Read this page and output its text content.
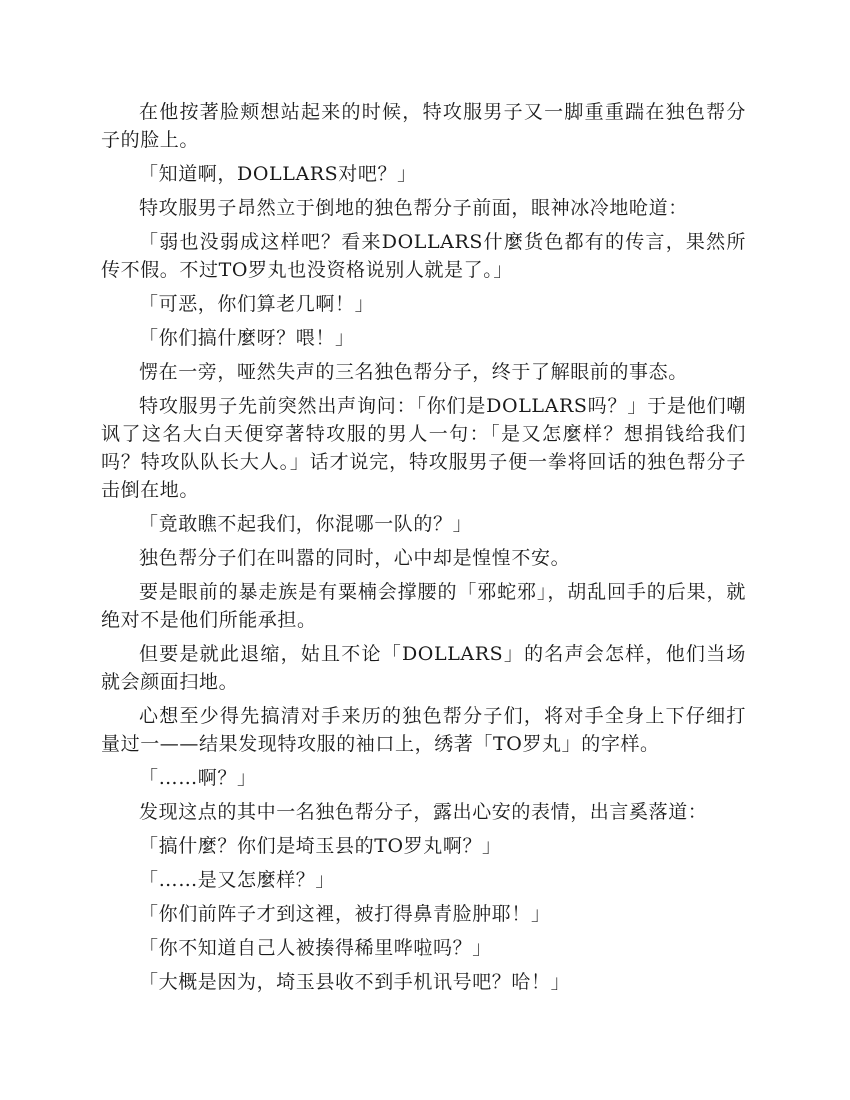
在他按著脸颊想站起来的时候，特攻服男子又一脚重重踹在独色帮分子的脸上。

「知道啊，DOLLARS对吧？」

特攻服男子昂然立于倒地的独色帮分子前面，眼神冰冷地呛道：

「弱也没弱成这样吧？看来DOLLARS什麼货色都有的传言，果然所传不假。不过TO罗丸也没资格说别人就是了。」

「可恶，你们算老几啊！」

「你们搞什麼呀？喂！」

愣在一旁，哑然失声的三名独色帮分子，终于了解眼前的事态。

特攻服男子先前突然出声询问：「你们是DOLLARS吗？」于是他们嘲讽了这名大白天便穿著特攻服的男人一句：「是又怎麼样？想捐钱给我们吗？特攻队队长大人。」话才说完，特攻服男子便一拳将回话的独色帮分子击倒在地。

「竟敢瞧不起我们，你混哪一队的？」

独色帮分子们在叫嚣的同时，心中却是惶惶不安。

要是眼前的暴走族是有粟楠会撑腰的「邪蛇邪」，胡乱回手的后果，就绝对不是他们所能承担。

但要是就此退缩，姑且不论「DOLLARS」的名声会怎样，他们当场就会颜面扫地。

心想至少得先搞清对手来历的独色帮分子们，将对手全身上下仔细打量过一——结果发现特攻服的袖口上，绣著「TO罗丸」的字样。

「……啊？」

发现这点的其中一名独色帮分子，露出心安的表情，出言奚落道：

「搞什麼？你们是埼玉县的TO罗丸啊？」

「……是又怎麼样？」

「你们前阵子才到这裡，被打得鼻青脸肿耶！」

「你不知道自己人被揍得稀里哗啦吗？」

「大概是因为，埼玉县收不到手机讯号吧？哈！」
